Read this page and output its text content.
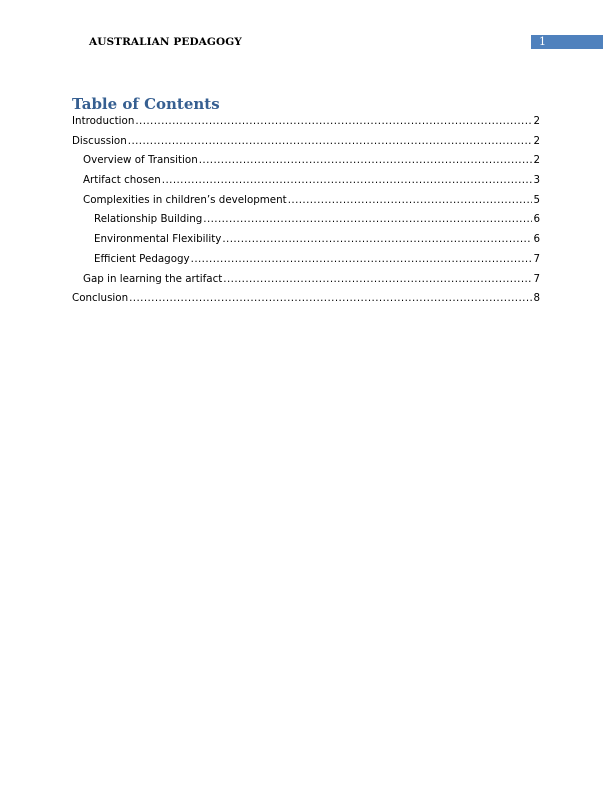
AUSTRALIAN PEDAGOGY	1
Table of Contents
Introduction .....	2
Discussion .....	2
Overview of Transition .....	2
Artifact chosen .....	3
Complexities in children’s development .....	5
Relationship Building .....	6
Environmental Flexibility .....	6
Efficient Pedagogy .....	7
Gap in learning the artifact .....	7
Conclusion .....	8
